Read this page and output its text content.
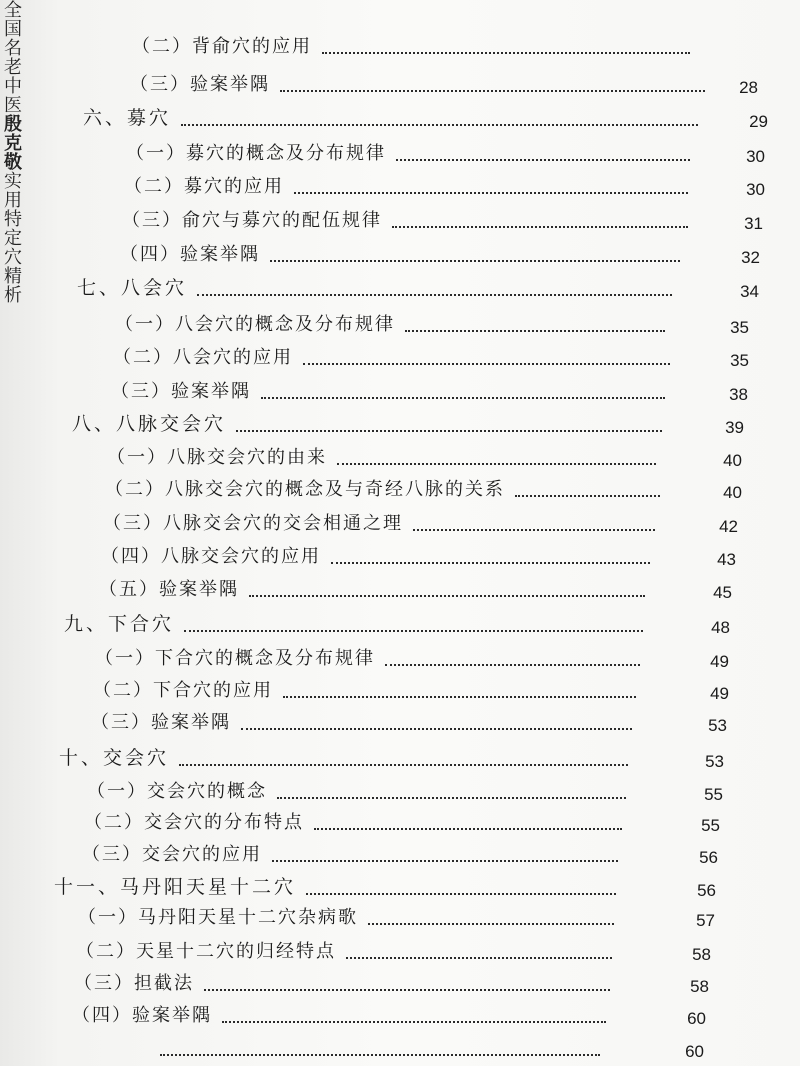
全国名老中医殷克敬实用特定穴精析
（二）背俞穴的应用
（三）验案举隅	28
六、募穴	29
（一）募穴的概念及分布规律	30
（二）募穴的应用	30
（三）俞穴与募穴的配伍规律	31
（四）验案举隅	32
七、八会穴	34
（一）八会穴的概念及分布规律	35
（二）八会穴的应用	35
（三）验案举隅	38
八、八脉交会穴	39
（一）八脉交会穴的由来	40
（二）八脉交会穴的概念及与奇经八脉的关系	40
（三）八脉交会穴的交会相通之理	42
（四）八脉交会穴的应用	43
（五）验案举隅	45
九、下合穴	48
（一）下合穴的概念及分布规律	49
（二）下合穴的应用	49
（三）验案举隅	53
十、交会穴	53
（一）交会穴的概念	55
（二）交会穴的分布特点	55
（三）交会穴的应用	56
十一、马丹阳天星十二穴	56
（一）马丹阳天星十二穴杂病歌	57
（二）天星十二穴的归经特点	58
（三）担截法	58
（四）验案举隅	60
60
